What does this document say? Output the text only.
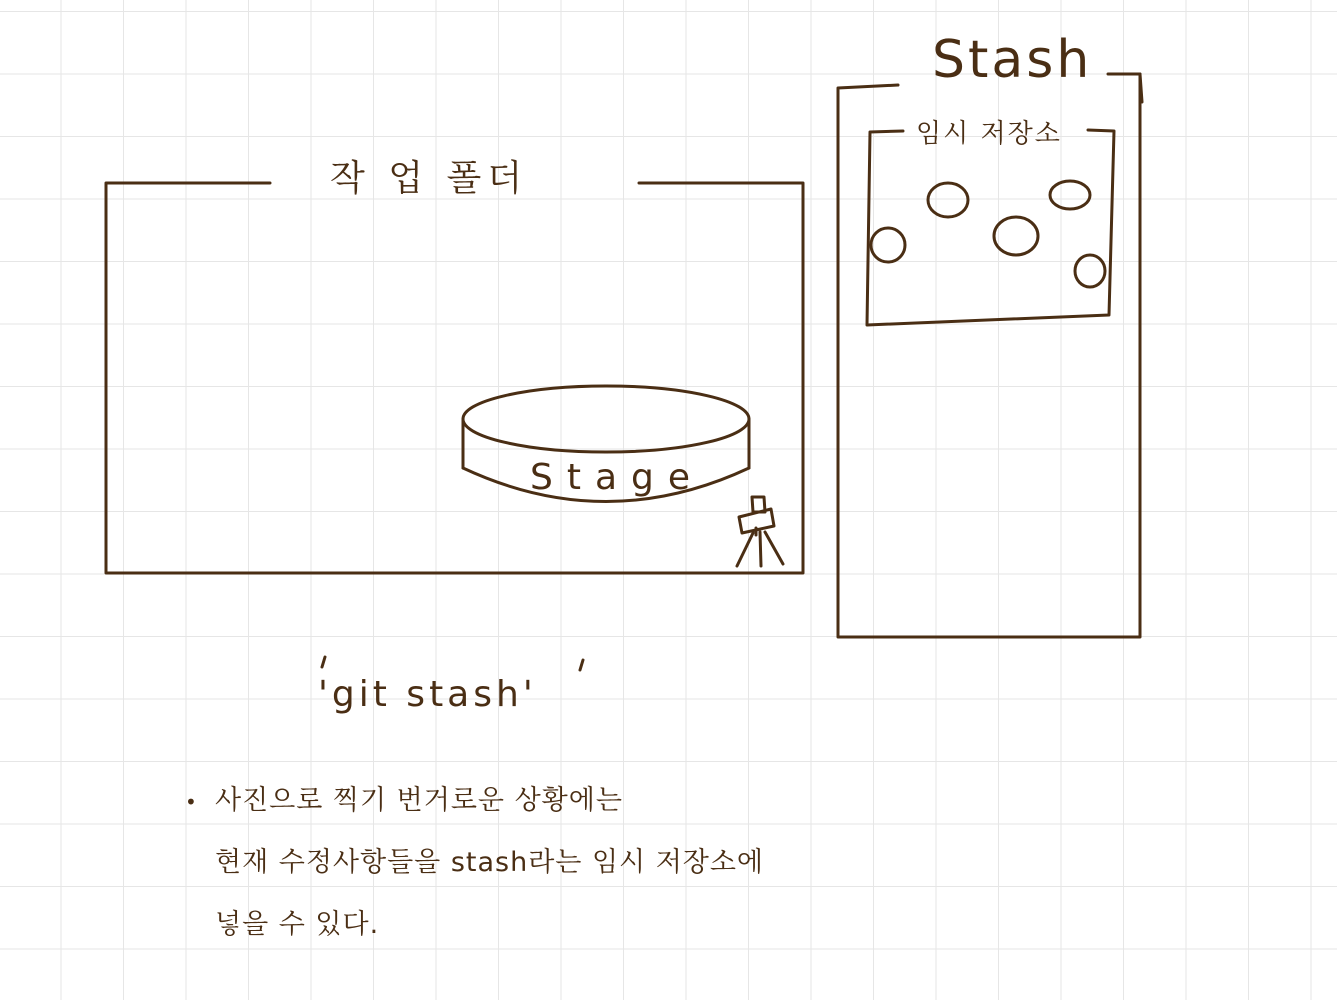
작 업 폴더
Stash
임시 저장소
Stage
'git stash'
• 사진으로 찍기 번거로운 상황에는
현재 수정사항들을 stash라는 임시 저장소에
넣을 수 있다.
